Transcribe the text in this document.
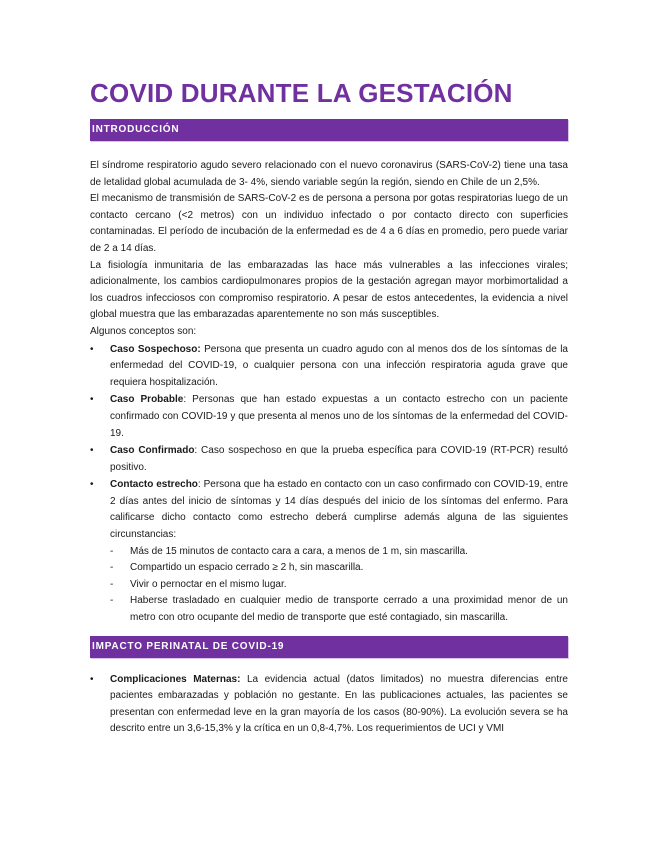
COVID DURANTE LA GESTACIÓN
INTRODUCCIÓN

El síndrome respiratorio agudo severo relacionado con el nuevo coronavirus (SARS-CoV-2) tiene una tasa de letalidad global acumulada de 3- 4%, siendo variable según la región, siendo en Chile de un 2,5%.

El mecanismo de transmisión de SARS-CoV-2 es de persona a persona por gotas respiratorias luego de un contacto cercano (<2 metros) con un individuo infectado o por contacto directo con superficies contaminadas. El período de incubación de la enfermedad es de 4 a 6 días en promedio, pero puede variar de 2 a 14 días.

La fisiología inmunitaria de las embarazadas las hace más vulnerables a las infecciones virales; adicionalmente, los cambios cardiopulmonares propios de la gestación agregan mayor morbimortalidad a los cuadros infecciosos con compromiso respiratorio. A pesar de estos antecedentes, la evidencia a nivel global muestra que las embarazadas aparentemente no son más susceptibles.

Algunos conceptos son:

• Caso Sospechoso: Persona que presenta un cuadro agudo con al menos dos de los síntomas de la enfermedad del COVID-19, o cualquier persona con una infección respiratoria aguda grave que requiera hospitalización.
• Caso Probable: Personas que han estado expuestas a un contacto estrecho con un paciente confirmado con COVID-19 y que presenta al menos uno de los síntomas de la enfermedad del COVID-19.
• Caso Confirmado: Caso sospechoso en que la prueba específica para COVID-19 (RT-PCR) resultó positivo.
• Contacto estrecho: Persona que ha estado en contacto con un caso confirmado con COVID-19, entre 2 días antes del inicio de síntomas y 14 días después del inicio de los síntomas del enfermo. Para calificarse dicho contacto como estrecho deberá cumplirse además alguna de las siguientes circunstancias:
- Más de 15 minutos de contacto cara a cara, a menos de 1 m, sin mascarilla.
- Compartido un espacio cerrado ≥ 2 h, sin mascarilla.
- Vivir o pernoctar en el mismo lugar.
- Haberse trasladado en cualquier medio de transporte cerrado a una proximidad menor de un metro con otro ocupante del medio de transporte que esté contagiado, sin mascarilla.
IMPACTO PERINATAL DE COVID-19
• Complicaciones Maternas: La evidencia actual (datos limitados) no muestra diferencias entre pacientes embarazadas y población no gestante. En las publicaciones actuales, las pacientes se presentan con enfermedad leve en la gran mayoría de los casos (80-90%). La evolución severa se ha descrito entre un 3,6-15,3% y la crítica en un 0,8-4,7%. Los requerimientos de UCI y VMI
